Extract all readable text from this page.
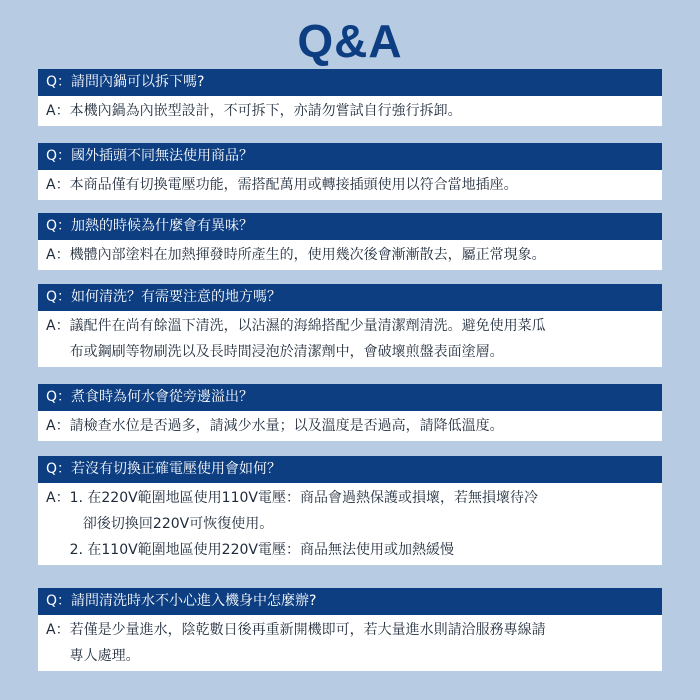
Q&A
Q：請問內鍋可以拆下嗎?
A： 本機內鍋為內嵌型設計，不可拆下，亦請勿嘗試自行強行拆卸。
Q：國外插頭不同無法使用商品？
A： 本商品僅有切換電壓功能，需搭配萬用或轉接插頭使用以符合當地插座。
Q：加熱的時候為什麼會有異味？
A： 機體內部塗料在加熱揮發時所產生的，使用幾次後會漸漸散去，屬正常現象。
Q：如何清洗？有需要注意的地方嗎？
A： 議配件在尚有餘溫下清洗，以沾濕的海綿搭配少量清潔劑清洗。避免使用菜瓜
布或鋼刷等物刷洗以及長時間浸泡於清潔劑中，會破壞煎盤表面塗層。
Q：煮食時為何水會從旁邊溢出？
A： 請檢查水位是否過多，請減少水量；以及溫度是否過高，請降低溫度。
Q：若沒有切換正確電壓使用會如何？
A： 1. 在220V範圍地區使用110V電壓：商品會過熱保護或損壞，若無損壞待冷
卻後切換回220V可恢復使用。
2. 在110V範圍地區使用220V電壓：商品無法使用或加熱緩慢
Q：請問清洗時水不小心進入機身中怎麼辦?
A： 若僅是少量進水，陰乾數日後再重新開機即可，若大量進水則請洽服務專線請
專人處理。
